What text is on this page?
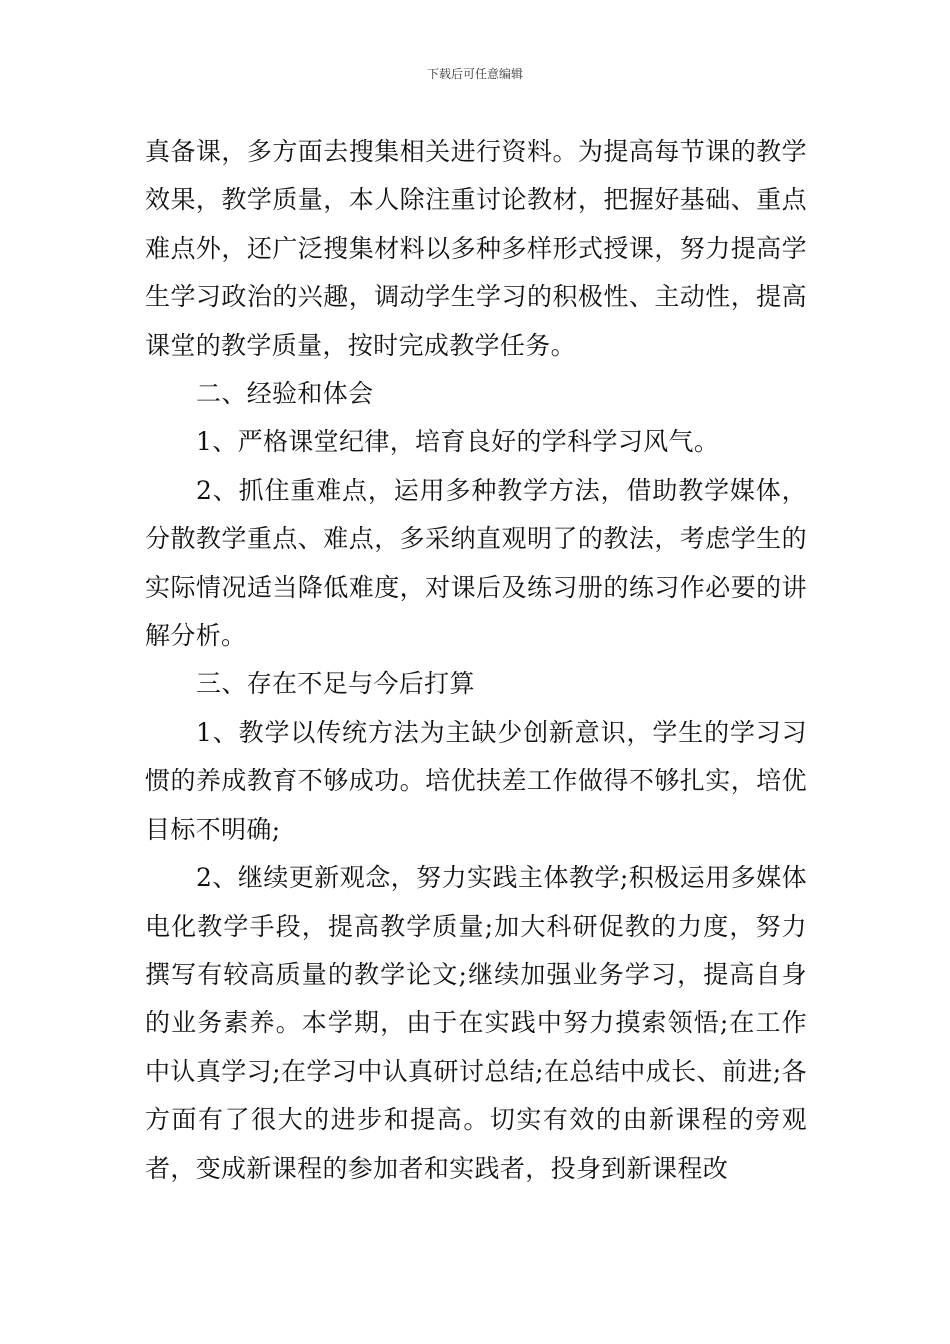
下载后可任意编辑

真备课，多方面去搜集相关进行资料。为提高每节课的教学效果，教学质量，本人除注重讨论教材，把握好基础、重点难点外，还广泛搜集材料以多种多样形式授课，努力提高学生学习政治的兴趣，调动学生学习的积极性、主动性，提高课堂的教学质量，按时完成教学任务。

二、经验和体会

1、严格课堂纪律，培育良好的学科学习风气。

2、抓住重难点，运用多种教学方法，借助教学媒体，分散教学重点、难点，多采纳直观明了的教法，考虑学生的实际情况适当降低难度，对课后及练习册的练习作必要的讲解分析。

三、存在不足与今后打算

1、教学以传统方法为主缺少创新意识，学生的学习习惯的养成教育不够成功。培优扶差工作做得不够扎实，培优目标不明确;

2、继续更新观念，努力实践主体教学;积极运用多媒体电化教学手段，提高教学质量;加大科研促教的力度，努力撰写有较高质量的教学论文;继续加强业务学习，提高自身的业务素养。本学期，由于在实践中努力摸索领悟;在工作中认真学习;在学习中认真研讨总结;在总结中成长、前进;各方面有了很大的进步和提高。切实有效的由新课程的旁观者，变成新课程的参加者和实践者，投身到新课程改
